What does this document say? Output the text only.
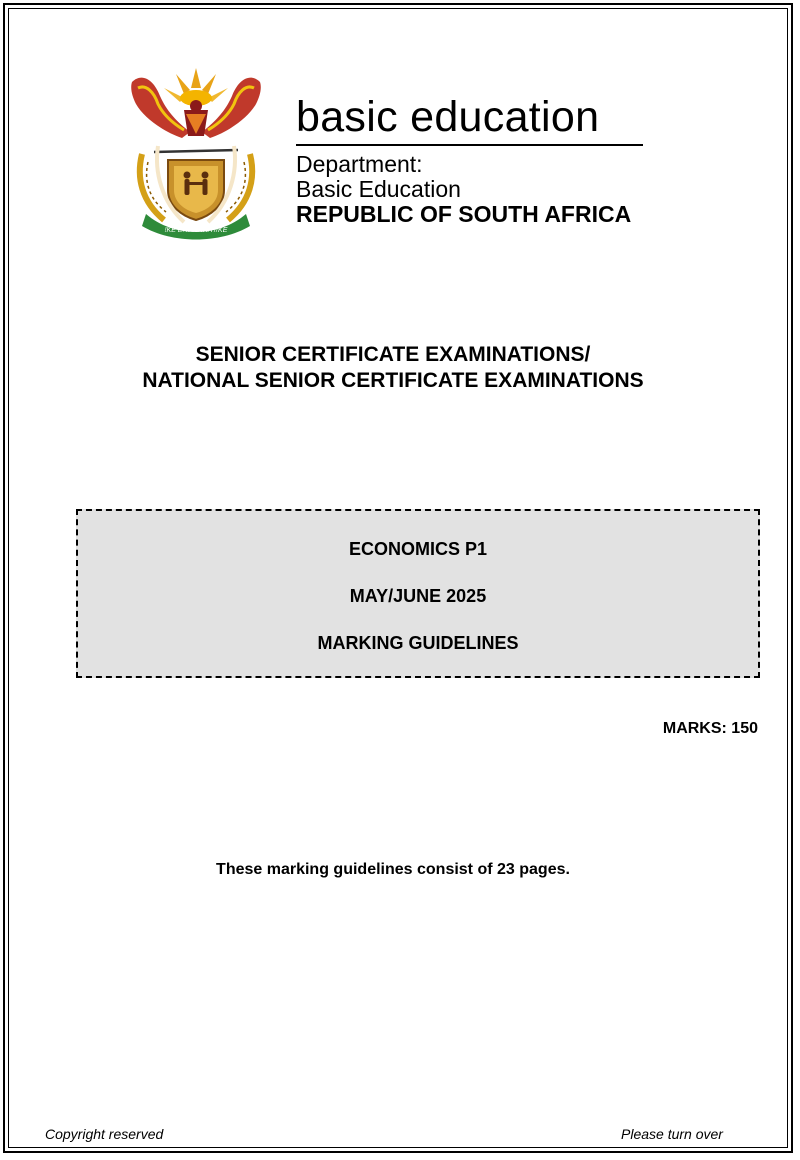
!KE E: /XARRA //KE
basic education
Department:
Basic Education
REPUBLIC OF SOUTH AFRICA
SENIOR CERTIFICATE EXAMINATIONS/
NATIONAL SENIOR CERTIFICATE EXAMINATIONS
ECONOMICS P1
MAY/JUNE 2025
MARKING GUIDELINES
MARKS: 150
These marking guidelines consist of 23 pages.
Copyright reserved	Please turn over
